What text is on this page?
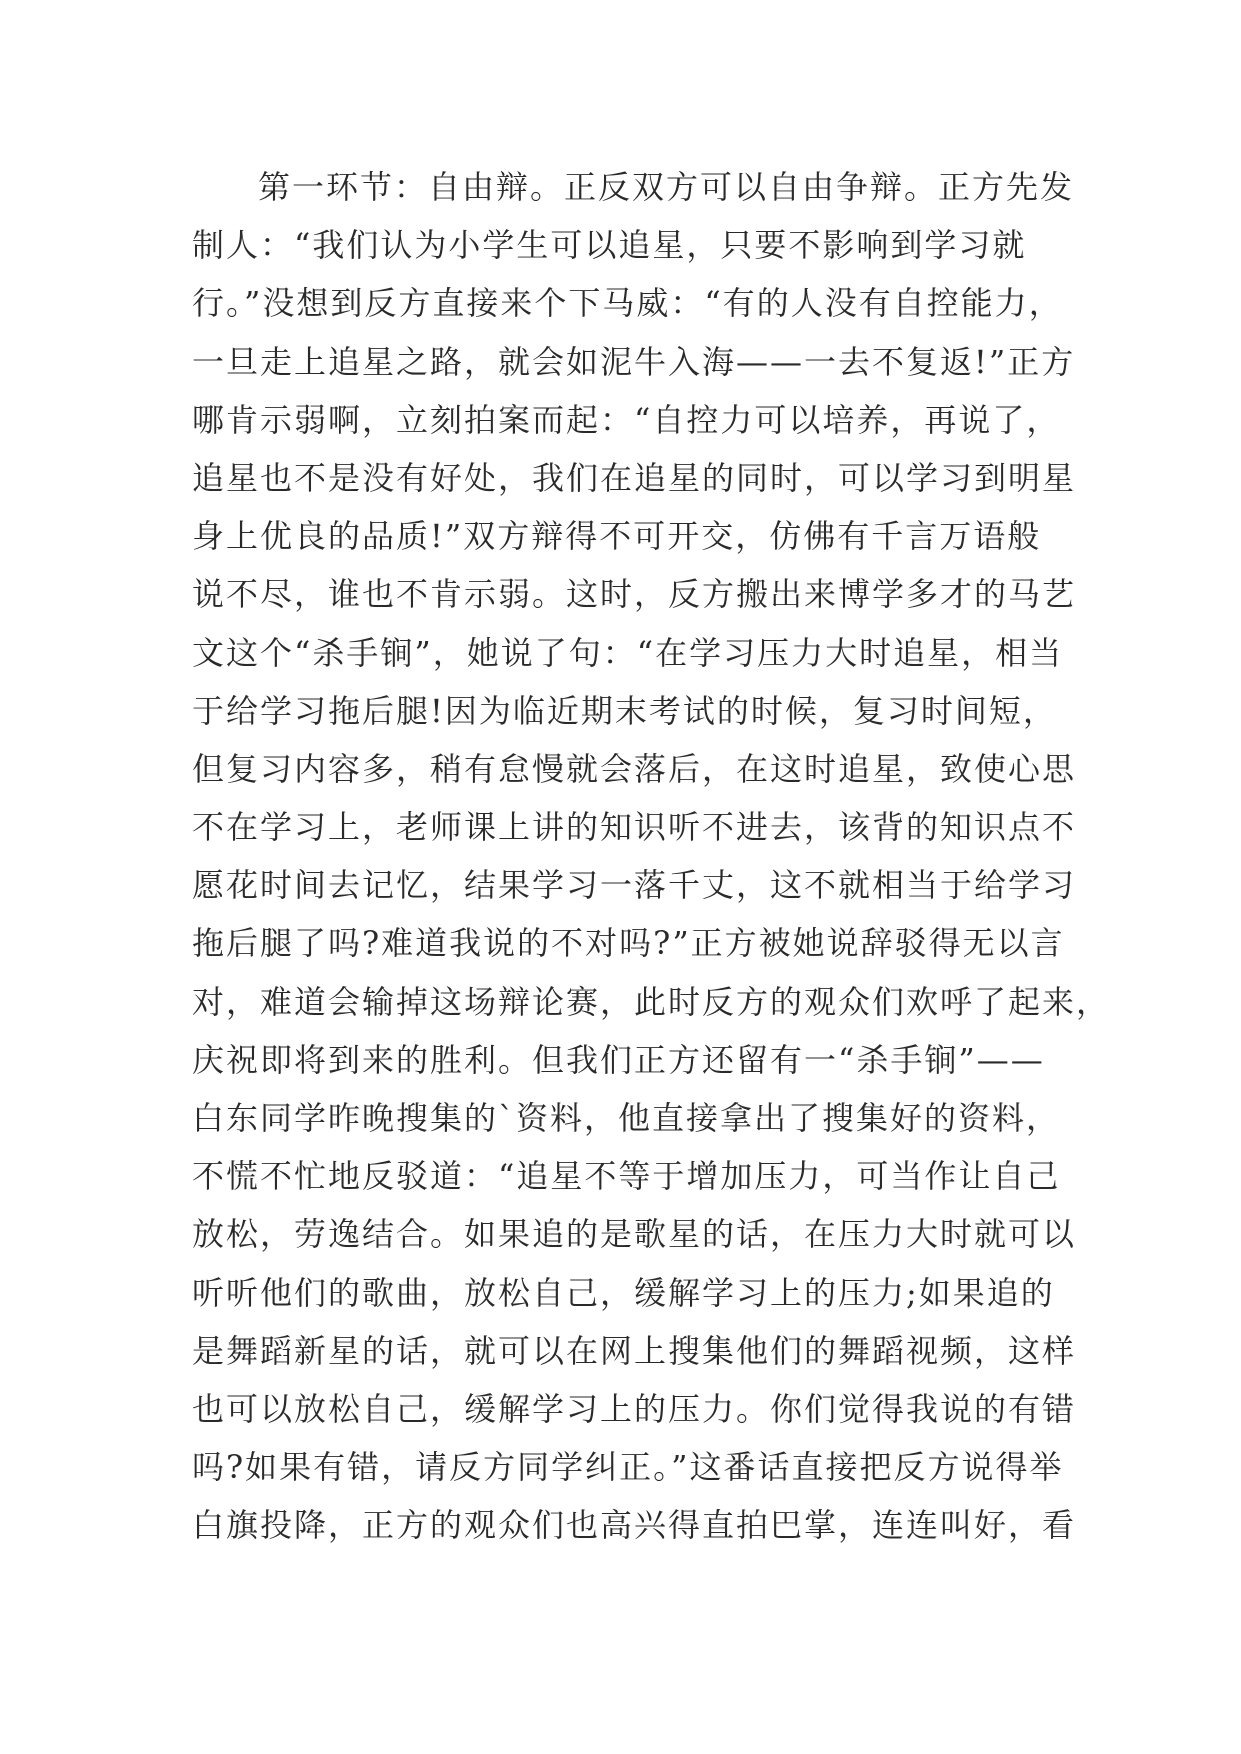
第一环节：自由辩。正反双方可以自由争辩。正方先发
制人：“我们认为小学生可以追星，只要不影响到学习就
行。”没想到反方直接来个下马威：“有的人没有自控能力，
一旦走上追星之路，就会如泥牛入海——一去不复返!”正方
哪肯示弱啊，立刻拍案而起：“自控力可以培养，再说了，
追星也不是没有好处，我们在追星的同时，可以学习到明星
身上优良的品质!”双方辩得不可开交，仿佛有千言万语般
说不尽，谁也不肯示弱。这时，反方搬出来博学多才的马艺
文这个“杀手锏”，她说了句：“在学习压力大时追星，相当
于给学习拖后腿!因为临近期末考试的时候，复习时间短，
但复习内容多，稍有怠慢就会落后，在这时追星，致使心思
不在学习上，老师课上讲的知识听不进去，该背的知识点不
愿花时间去记忆，结果学习一落千丈，这不就相当于给学习
拖后腿了吗?难道我说的不对吗?”正方被她说辞驳得无以言
对，难道会输掉这场辩论赛，此时反方的观众们欢呼了起来，
庆祝即将到来的胜利。但我们正方还留有一“杀手锏”——
白东同学昨晚搜集的`资料，他直接拿出了搜集好的资料，
不慌不忙地反驳道：“追星不等于增加压力，可当作让自己
放松，劳逸结合。如果追的是歌星的话，在压力大时就可以
听听他们的歌曲，放松自己，缓解学习上的压力;如果追的
是舞蹈新星的话，就可以在网上搜集他们的舞蹈视频，这样
也可以放松自己，缓解学习上的压力。你们觉得我说的有错
吗?如果有错，请反方同学纠正。”这番话直接把反方说得举
白旗投降，正方的观众们也高兴得直拍巴掌，连连叫好，看
